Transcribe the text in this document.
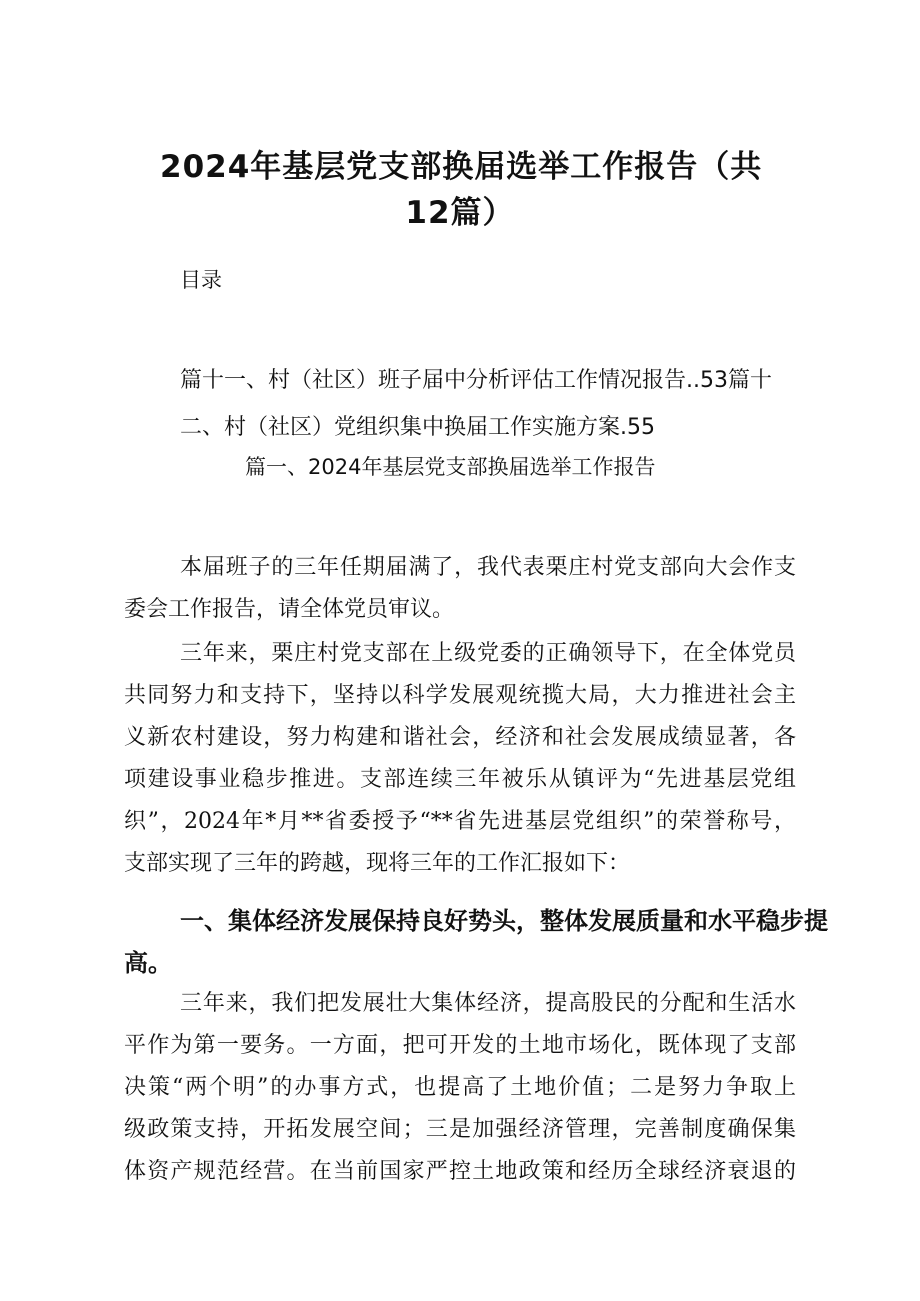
2024年基层党支部换届选举工作报告（共
12篇）
目录
篇十一、村（社区）班子届中分析评估工作情况报告..53篇十
二、村（社区）党组织集中换届工作实施方案.55
篇一、2024年基层党支部换届选举工作报告
本届班子的三年任期届满了，我代表栗庄村党支部向大会作支
委会工作报告，请全体党员审议。
三年来，栗庄村党支部在上级党委的正确领导下，在全体党员
共同努力和支持下，坚持以科学发展观统揽大局，大力推进社会主
义新农村建设，努力构建和谐社会，经济和社会发展成绩显著，各
项建设事业稳步推进。支部连续三年被乐从镇评为“先进基层党组
织”，2024年*月**省委授予“**省先进基层党组织”的荣誉称号，
支部实现了三年的跨越，现将三年的工作汇报如下：
一、集体经济发展保持良好势头，整体发展质量和水平稳步提
高。
三年来，我们把发展壮大集体经济，提高股民的分配和生活水
平作为第一要务。一方面，把可开发的土地市场化，既体现了支部
决策“两个明”的办事方式，也提高了土地价值；二是努力争取上
级政策支持，开拓发展空间；三是加强经济管理，完善制度确保集
体资产规范经营。在当前国家严控土地政策和经历全球经济衰退的
